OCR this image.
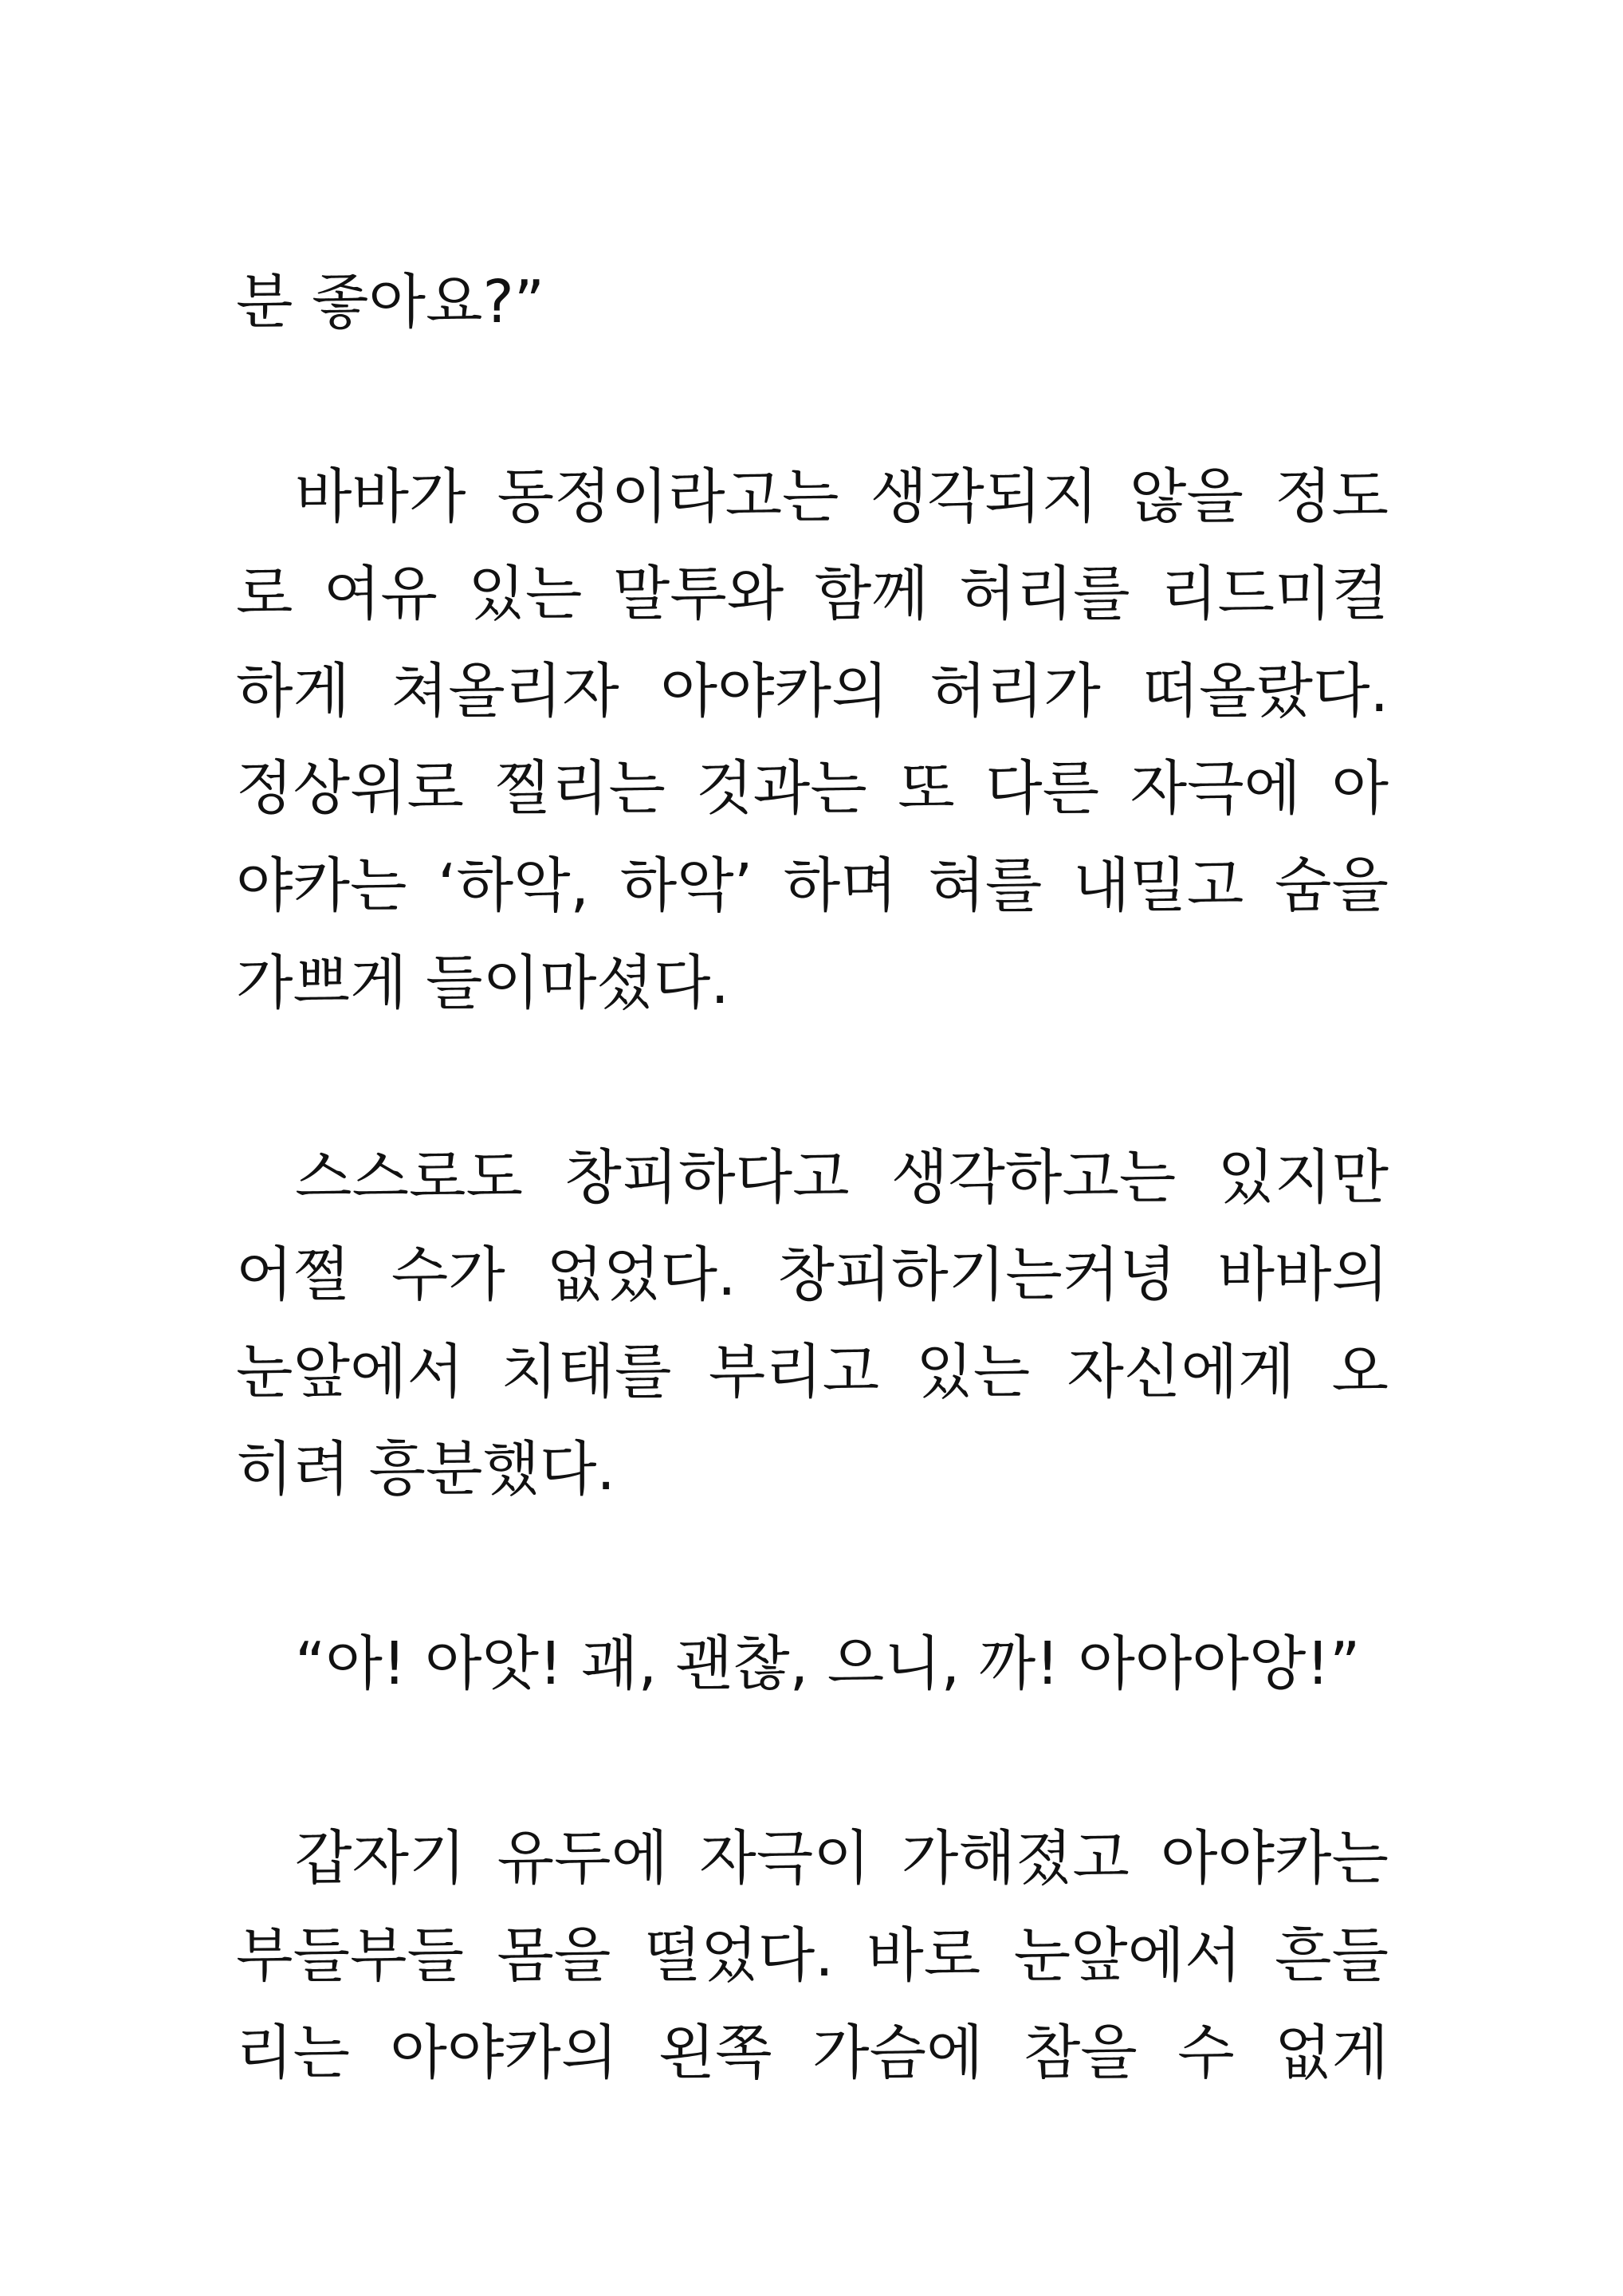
분 좋아요?”
바바가 동정이라고는 생각되지 않을 정도
로 여유 있는 말투와 함께 허리를 리드미컬
하게 쳐올리자 아야카의 허리가 떠올랐다.
정상위로 찔리는 것과는 또 다른 자극에 아
야카는 ‘하악, 하악’ 하며 혀를 내밀고 숨을
가쁘게 들이마셨다.
스스로도 창피하다고 생각하고는 있지만
어쩔 수가 없었다. 창피하기는커녕 바바의
눈앞에서 치태를 부리고 있는 자신에게 오
히려 흥분했다.
“아! 아앗! 괘, 괜찮, 으니, 까! 아아아앙!”
갑자기 유두에 자극이 가해졌고 아야카는
부들부들 몸을 떨었다. 바로 눈앞에서 흔들
리는 아야카의 왼쪽 가슴에 참을 수 없게
